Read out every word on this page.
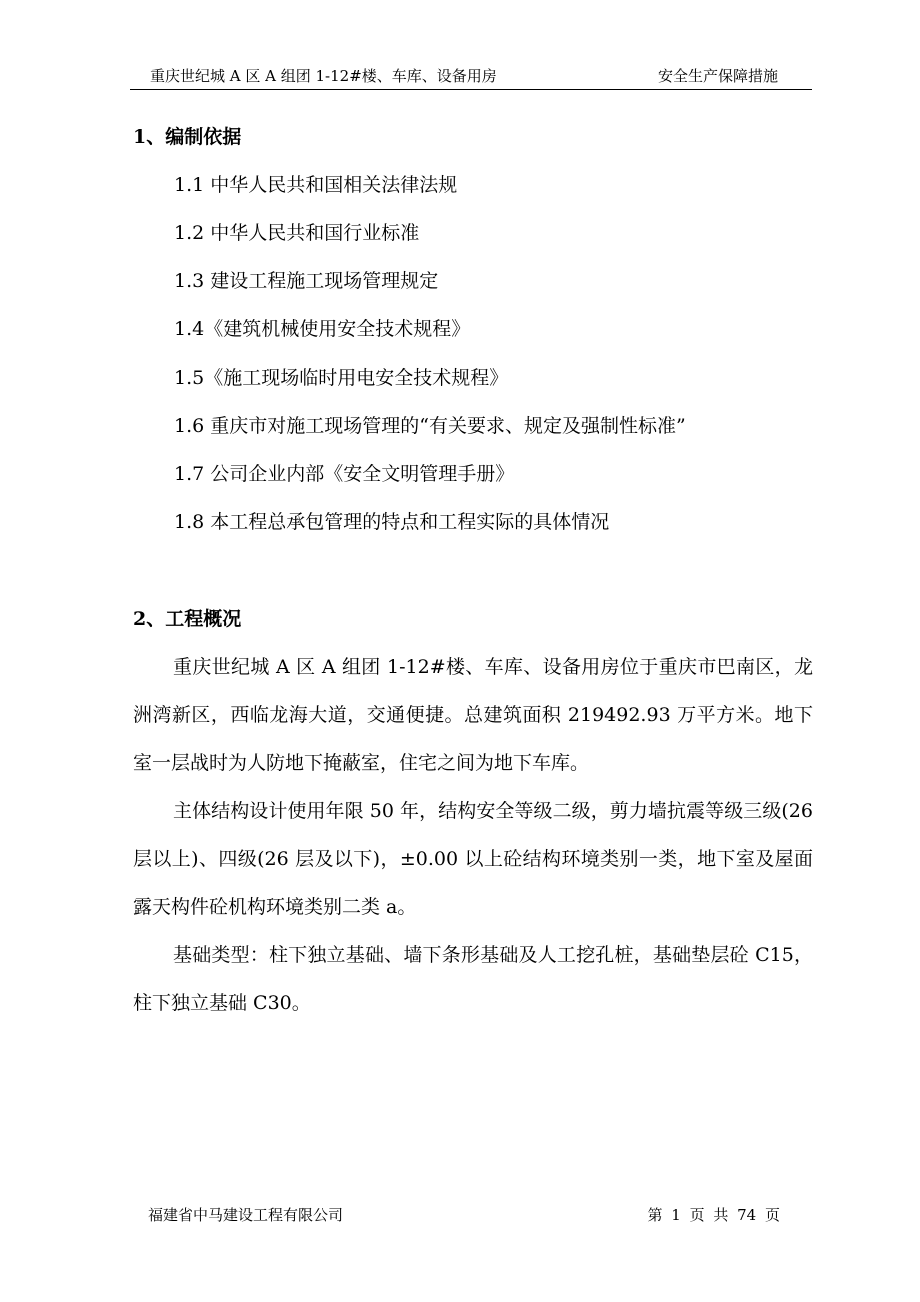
重庆世纪城 A 区 A 组团 1-12#楼、车库、设备用房	安全生产保障措施
1、编制依据
1.1 中华人民共和国相关法律法规
1.2 中华人民共和国行业标准
1.3 建设工程施工现场管理规定
1.4《建筑机械使用安全技术规程》
1.5《施工现场临时用电安全技术规程》
1.6 重庆市对施工现场管理的“有关要求、规定及强制性标准”
1.7 公司企业内部《安全文明管理手册》
1.8 本工程总承包管理的特点和工程实际的具体情况
2、工程概况
重庆世纪城 A 区 A 组团 1-12#楼、车库、设备用房位于重庆市巴南区，龙洲湾新区，西临龙海大道，交通便捷。总建筑面积 219492.93 万平方米。地下室一层战时为人防地下掩蔽室，住宅之间为地下车库。
主体结构设计使用年限 50 年，结构安全等级二级，剪力墙抗震等级三级(26 层以上)、四级(26 层及以下)，±0.00 以上砼结构环境类别一类，地下室及屋面露天构件砼机构环境类别二类 a。
基础类型：柱下独立基础、墙下条形基础及人工挖孔桩，基础垫层砼 C15，柱下独立基础 C30。
福建省中马建设工程有限公司	第 1 页 共 74 页
